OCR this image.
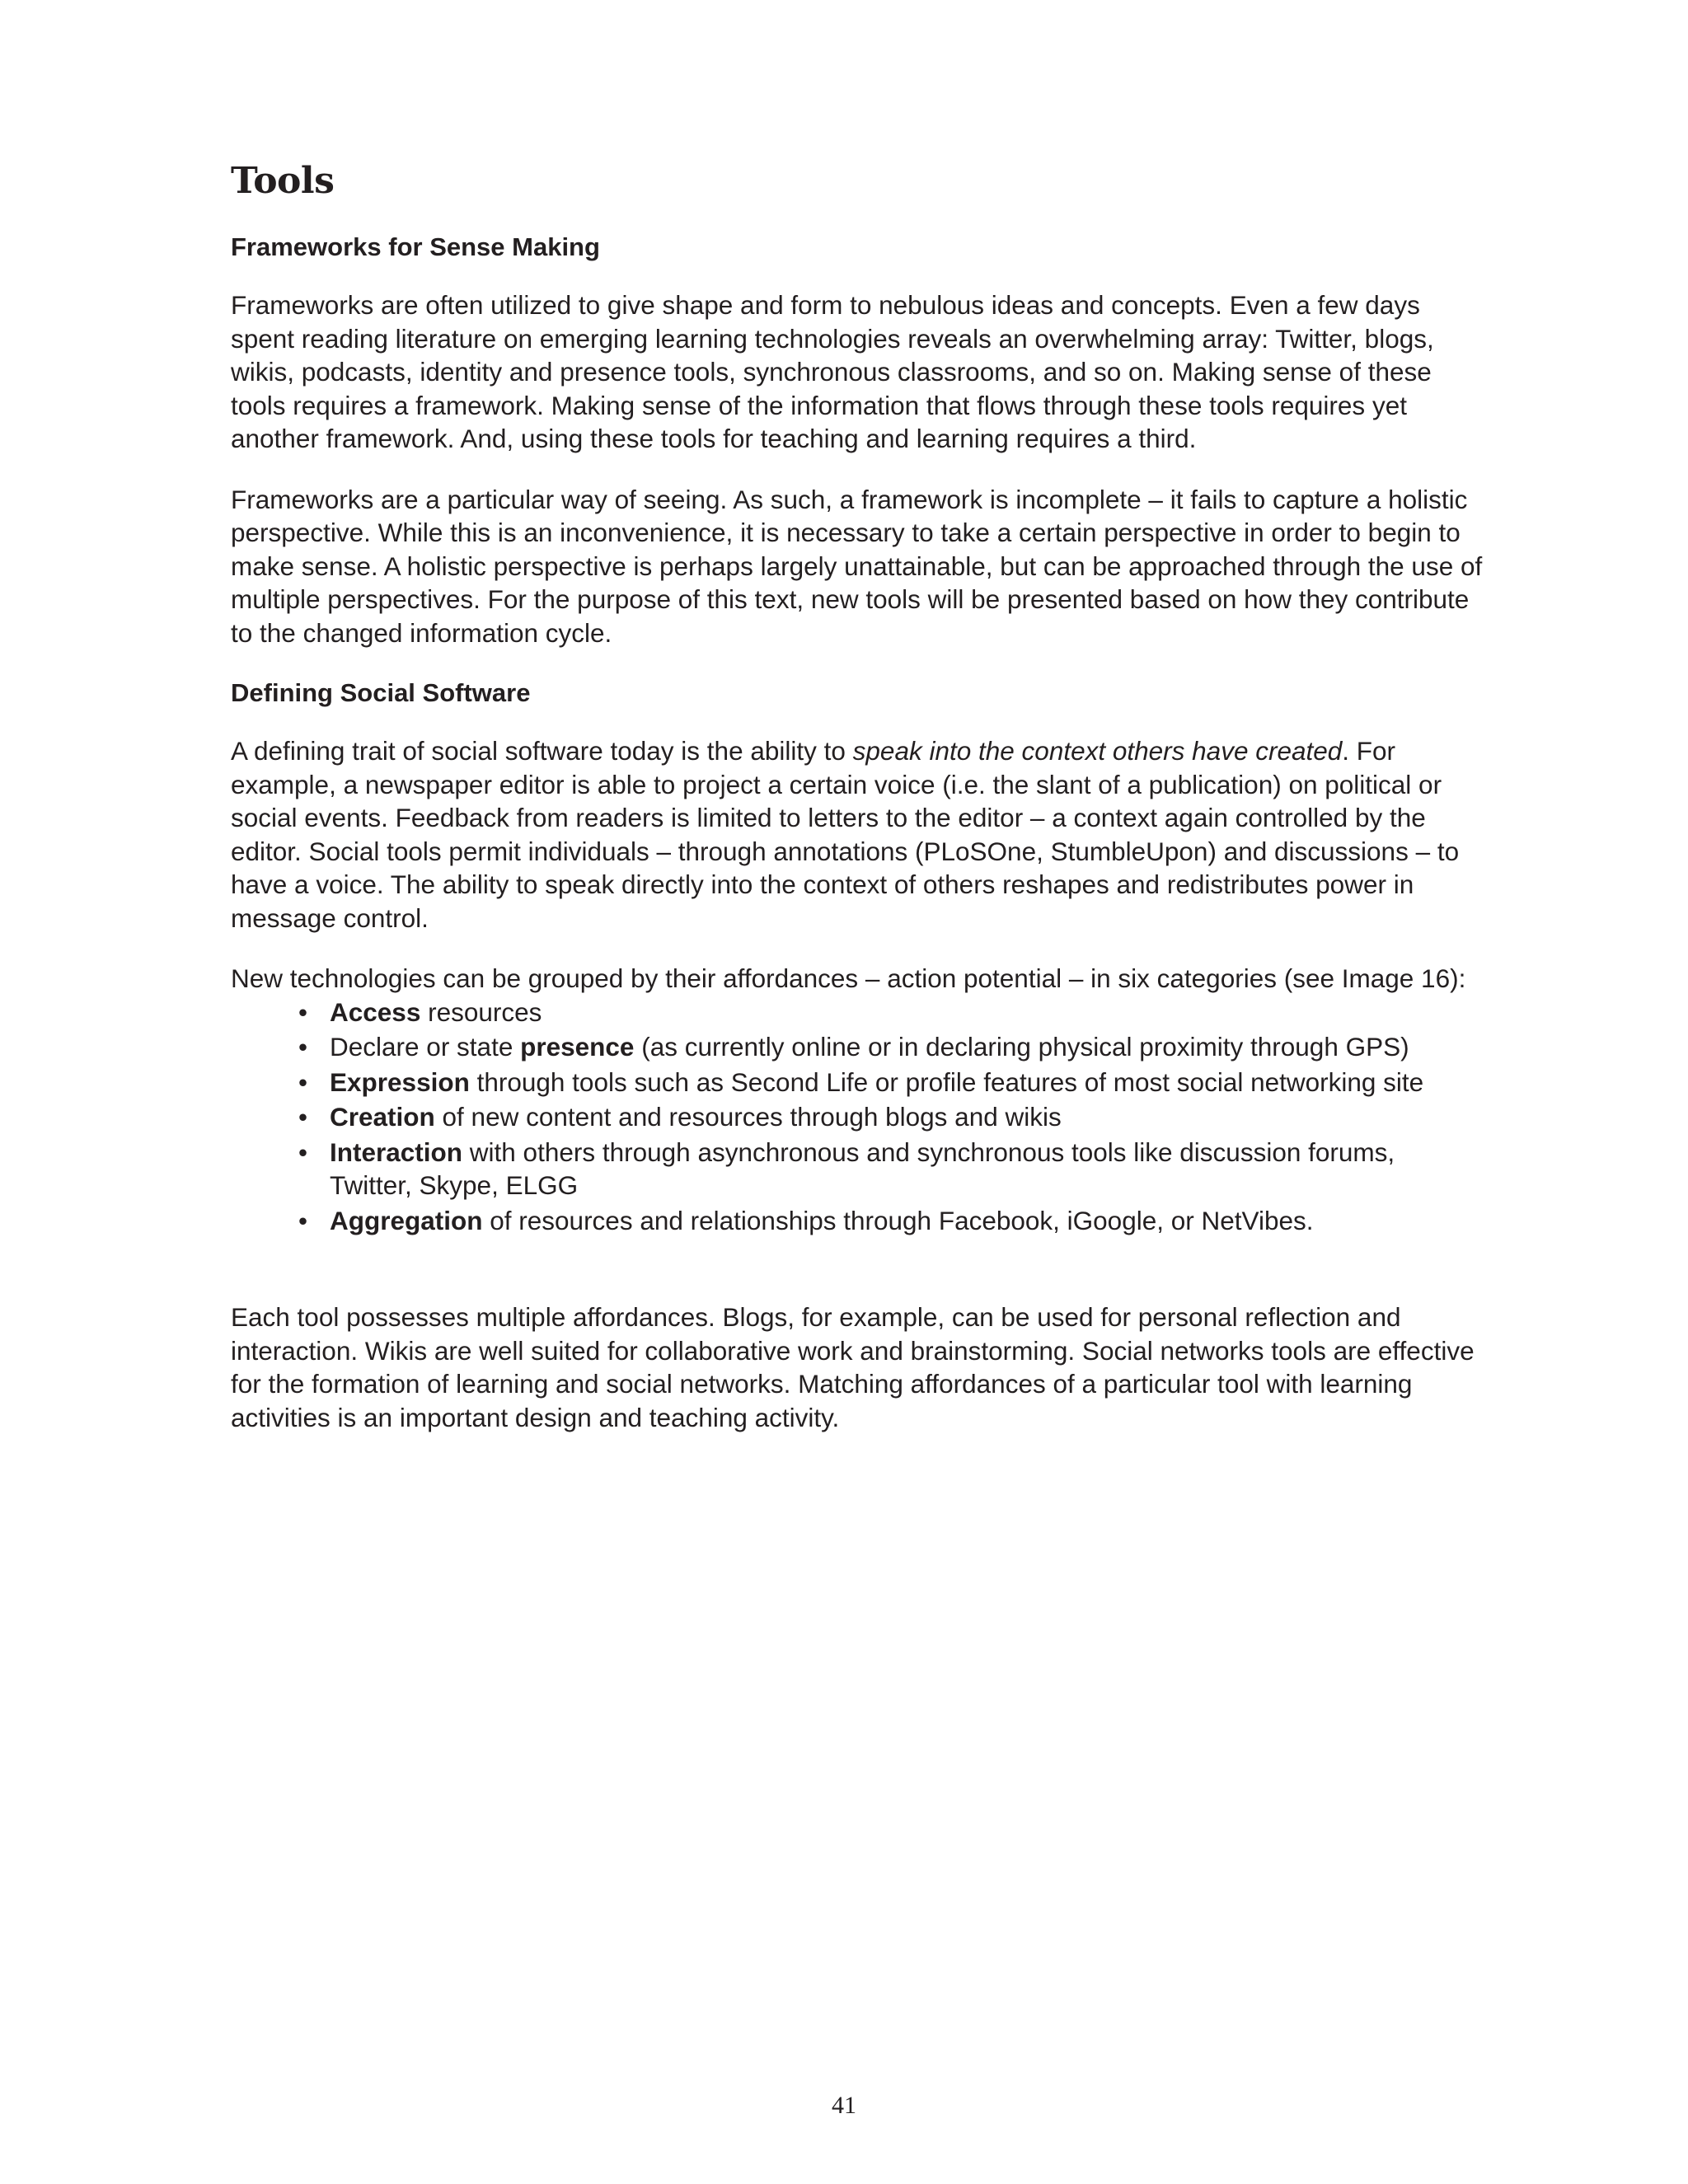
Tools
Frameworks for Sense Making

Frameworks are often utilized to give shape and form to nebulous ideas and concepts. Even a few days spent reading literature on emerging learning technologies reveals an overwhelming array: Twitter, blogs, wikis, podcasts, identity and presence tools, synchronous classrooms, and so on. Making sense of these tools requires a framework. Making sense of the information that flows through these tools requires yet another framework. And, using these tools for teaching and learning requires a third.

Frameworks are a particular way of seeing. As such, a framework is incomplete – it fails to capture a holistic perspective. While this is an inconvenience, it is necessary to take a certain perspective in order to begin to make sense. A holistic perspective is perhaps largely unattainable, but can be approached through the use of multiple perspectives. For the purpose of this text, new tools will be presented based on how they contribute to the changed information cycle.

Defining Social Software

A defining trait of social software today is the ability to speak into the context others have created. For example, a newspaper editor is able to project a certain voice (i.e. the slant of a publication) on political or social events. Feedback from readers is limited to letters to the editor – a context again controlled by the editor. Social tools permit individuals – through annotations (PLoSOne, StumbleUpon) and discussions – to have a voice. The ability to speak directly into the context of others reshapes and redistributes power in message control.

New technologies can be grouped by their affordances – action potential – in six categories (see Image 16):

• Access resources
• Declare or state presence (as currently online or in declaring physical proximity through GPS)
• Expression through tools such as Second Life or profile features of most social networking site
• Creation of new content and resources through blogs and wikis
• Interaction with others through asynchronous and synchronous tools like discussion forums, Twitter, Skype, ELGG
• Aggregation of resources and relationships through Facebook, iGoogle, or NetVibes.

Each tool possesses multiple affordances. Blogs, for example, can be used for personal reflection and interaction. Wikis are well suited for collaborative work and brainstorming. Social networks tools are effective for the formation of learning and social networks. Matching affordances of a particular tool with learning activities is an important design and teaching activity.

41
